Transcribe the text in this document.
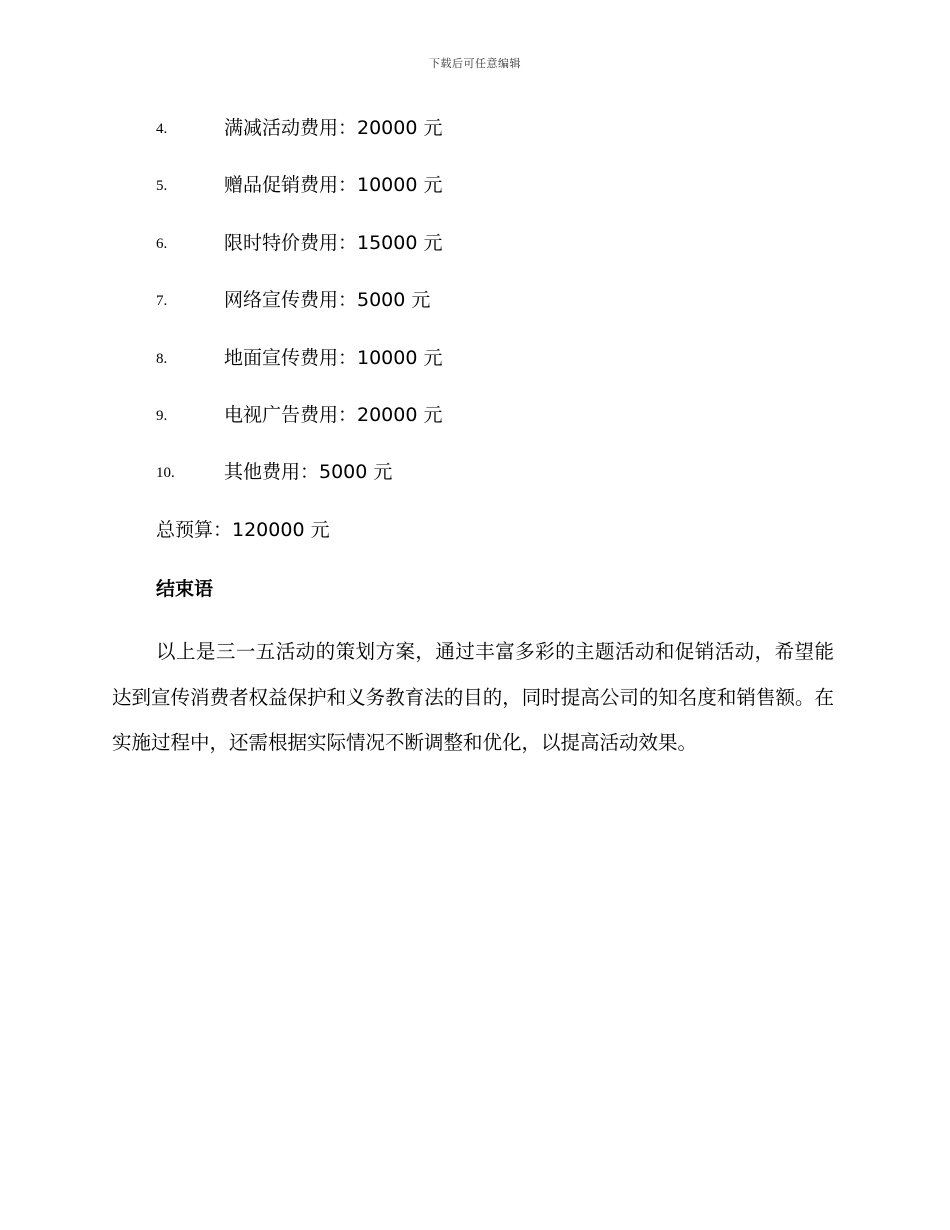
下载后可任意编辑
4.	满减活动费用：20000 元
5.	赠品促销费用：10000 元
6.	限时特价费用：15000 元
7.	网络宣传费用：5000 元
8.	地面宣传费用：10000 元
9.	电视广告费用：20000 元
10.	其他费用：5000 元
总预算：120000 元
结束语

以上是三一五活动的策划方案，通过丰富多彩的主题活动和促销活动，希望能达到宣传消费者权益保护和义务教育法的目的，同时提高公司的知名度和销售额。在实施过程中，还需根据实际情况不断调整和优化，以提高活动效果。
